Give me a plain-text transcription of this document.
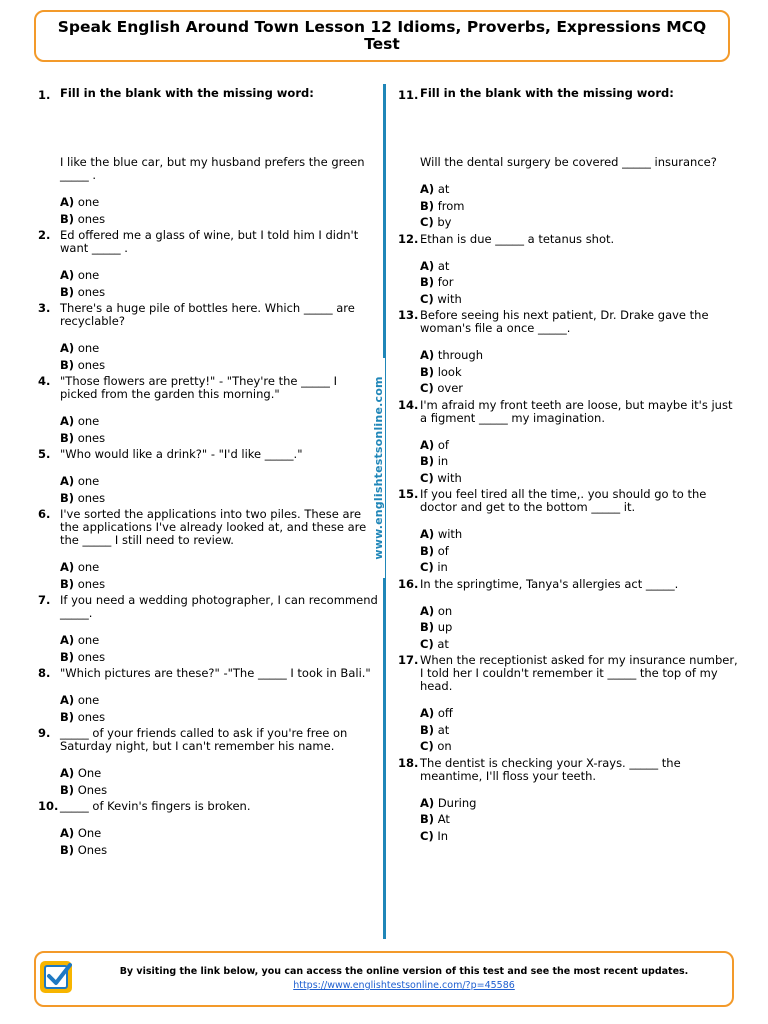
Speak English Around Town Lesson 12 Idioms, Proverbs, Expressions MCQ Test
www.englishtestsonline.com
1. Fill in the blank with the missing word:
I like the blue car, but my husband prefers the green _____ .
A) one
B) ones
2. Ed offered me a glass of wine, but I told him I didn't want _____ .
A) one
B) ones
3. There's a huge pile of bottles here. Which _____ are recyclable?
A) one
B) ones
4. "Those flowers are pretty!" - "They're the _____ I picked from the garden this morning."
A) one
B) ones
5. "Who would like a drink?" - "I'd like _____."
A) one
B) ones
6. I've sorted the applications into two piles. These are the applications I've already looked at, and these are the _____ I still need to review.
A) one
B) ones
7. If you need a wedding photographer, I can recommend _____.
A) one
B) ones
8. "Which pictures are these?" -"The _____ I took in Bali."
A) one
B) ones
9. _____ of your friends called to ask if you're free on Saturday night, but I can't remember his name.
A) One
B) Ones
10. _____ of Kevin's fingers is broken.
A) One
B) Ones
11. Fill in the blank with the missing word:
Will the dental surgery be covered _____ insurance?
A) at
B) from
C) by
12. Ethan is due _____ a tetanus shot.
A) at
B) for
C) with
13. Before seeing his next patient, Dr. Drake gave the woman's file a once _____.
A) through
B) look
C) over
14. I'm afraid my front teeth are loose, but maybe it's just a figment _____ my imagination.
A) of
B) in
C) with
15. If you feel tired all the time,. you should go to the doctor and get to the bottom _____ it.
A) with
B) of
C) in
16. In the springtime, Tanya's allergies act _____.
A) on
B) up
C) at
17. When the receptionist asked for my insurance number, I told her I couldn't remember it _____ the top of my head.
A) off
B) at
C) on
18. The dentist is checking your X-rays. _____ the meantime, I'll floss your teeth.
A) During
B) At
C) In
By visiting the link below, you can access the online version of this test and see the most recent updates.
https://www.englishtestsonline.com/?p=45586
